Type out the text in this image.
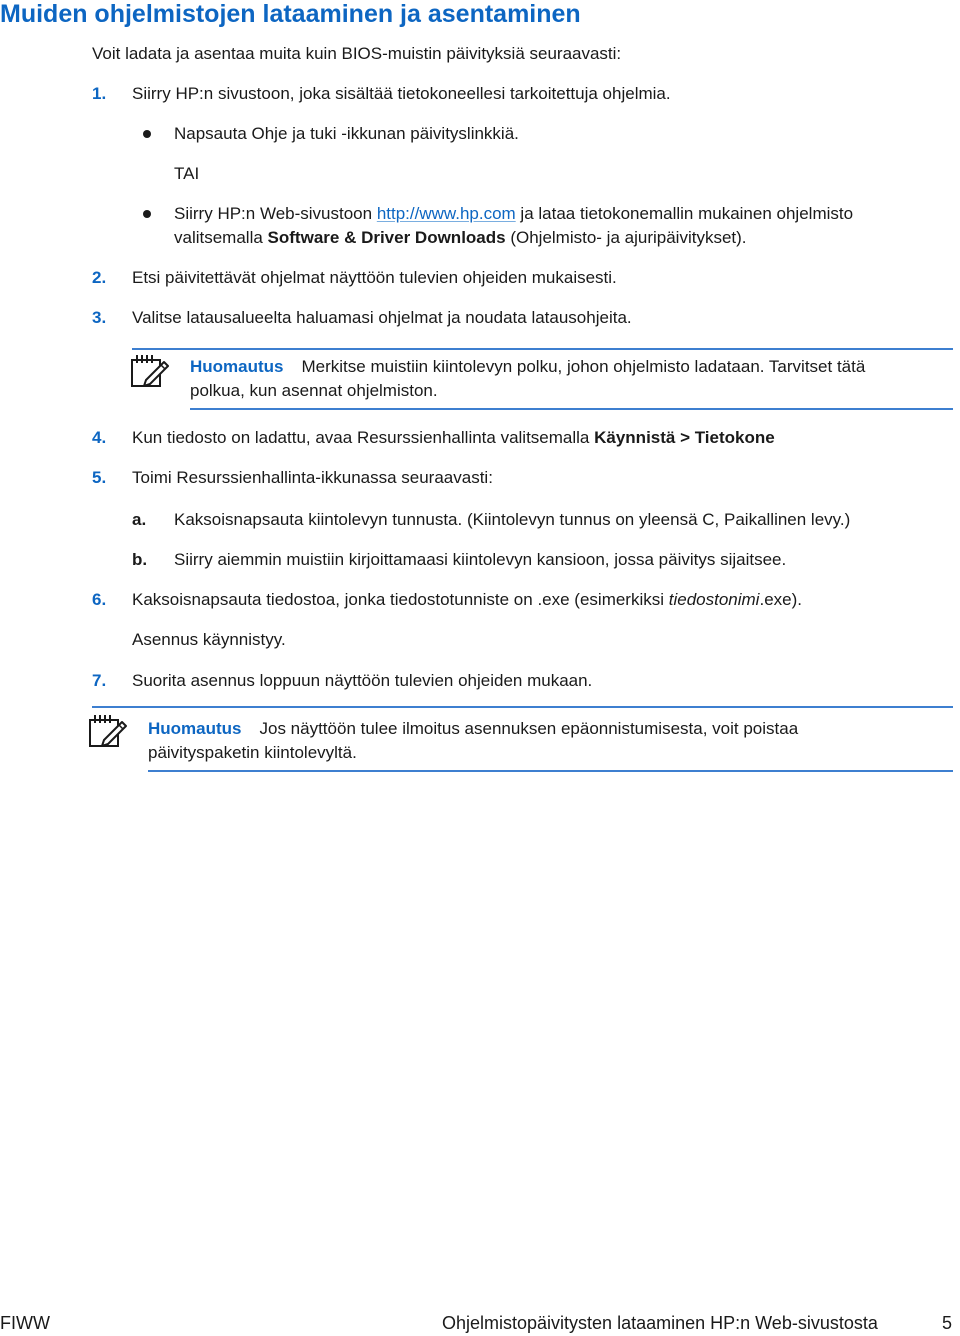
Muiden ohjelmistojen lataaminen ja asentaminen
Voit ladata ja asentaa muita kuin BIOS-muistin päivityksiä seuraavasti:
1. Siirry HP:n sivustoon, joka sisältää tietokoneellesi tarkoitettuja ohjelmia.
Napsauta Ohje ja tuki -ikkunan päivityslinkkiä.
TAI
Siirry HP:n Web-sivustoon http://www.hp.com ja lataa tietokonemallin mukainen ohjelmisto
valitsemalla Software & Driver Downloads (Ohjelmisto- ja ajuripäivitykset).
2. Etsi päivitettävät ohjelmat näyttöön tulevien ohjeiden mukaisesti.
3. Valitse latausalueelta haluamasi ohjelmat ja noudata latausohjeita.
Huomautus Merkitse muistiin kiintolevyn polku, johon ohjelmisto ladataan. Tarvitset tätä
polkua, kun asennat ohjelmiston.
4. Kun tiedosto on ladattu, avaa Resurssienhallinta valitsemalla Käynnistä > Tietokone
5. Toimi Resurssienhallinta-ikkunassa seuraavasti:
a. Kaksoisnapsauta kiintolevyn tunnusta. (Kiintolevyn tunnus on yleensä C, Paikallinen levy.)
b. Siirry aiemmin muistiin kirjoittamaasi kiintolevyn kansioon, jossa päivitys sijaitsee.
6. Kaksoisnapsauta tiedostoa, jonka tiedostotunniste on .exe (esimerkiksi tiedostonimi.exe).
Asennus käynnistyy.
7. Suorita asennus loppuun näyttöön tulevien ohjeiden mukaan.
Huomautus Jos näyttöön tulee ilmoitus asennuksen epäonnistumisesta, voit poistaa
päivityspaketin kiintolevyltä.
FIWW	Ohjelmistopäivitysten lataaminen HP:n Web-sivustosta	5
